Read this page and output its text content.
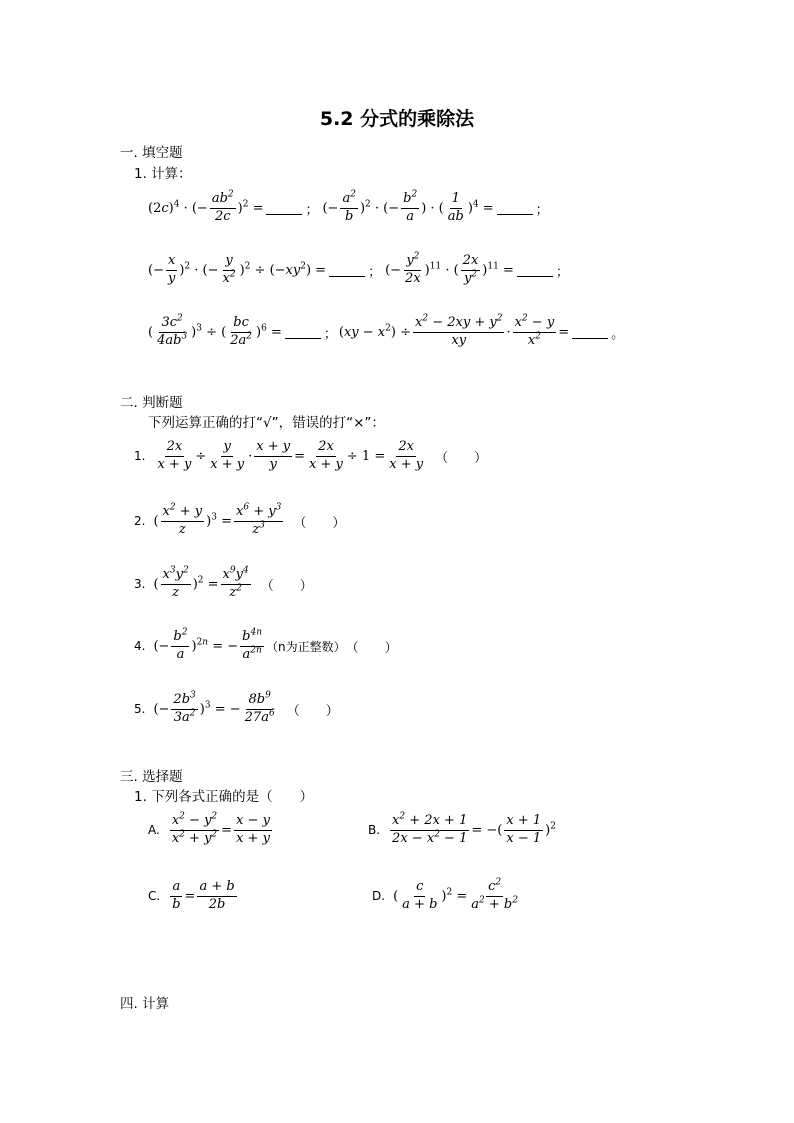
5.2 分式的乘除法
一. 填空题
1. 计算：
$(2c)^4$ · (− $\frac{ab^2}{2c} )^2$ =	； (− $\frac{a^2}{b} )^2$ · (− $\frac{b^2}{a}$ ) · ( $\frac{1}{ab} )^4$ =	；
(− $\frac{x}{y} )^2$ · (− $\frac{y}{x^2} )^2 \div (-xy^2)$ =	； (− $\frac{y^2}{2x} )^{11}$ · ( $\frac{2x}{y^2} )^{11}$ =	；
( $\frac{3c^2}{4ab^3} )^3$ ÷ ( $\frac{bc}{2a^2} )^6$ =	； $(xy - x^2) \div \frac{x^2 - 2xy + y^2}{xy} \cdot \frac{x^2 - y}{x^2}$ =	。
二. 判断题
下列运算正确的打“√”，错误的打“×”：
1. $\frac{2x}{x + y} \div \frac{y}{x + y} \cdot \frac{x + y}{y} = \frac{2x}{x + y} \div 1 = \frac{2x}{x + y}$ （　　）
2. ( $\frac{x^2 + y}{z} )^3 = \frac{x^6 + y^3}{z^3}$ （　　）
3. ( $\frac{x^3y^2}{z} )^2 = \frac{x^9y^4}{z^2}$ （　　）
4. (− $\frac{b^2}{a} )^{2n}$ = − $\frac{b^{4n}}{a^{2n}} (n$为正整数） （　　）
5. (− $\frac{2b^3}{3a^2} )^3$ = − $\frac{8b^9}{27a^6}$ （　　）
三. 选择题
1. 下列各式正确的是（　　）
A. $\frac{x^2 - y^2}{x^2 + y^2} = \frac{x - y}{x + y}$	B. $\frac{x^2 + 2x + 1}{2x - x^2 - 1}$ = −( $\frac{x + 1}{x - 1} )^2$
C. $\frac{a}{b} = \frac{a + b}{2b}$	D. ( $\frac{c}{a + b} )^2 = \frac{c^2}{a^2 + b^2}$
四. 计算
